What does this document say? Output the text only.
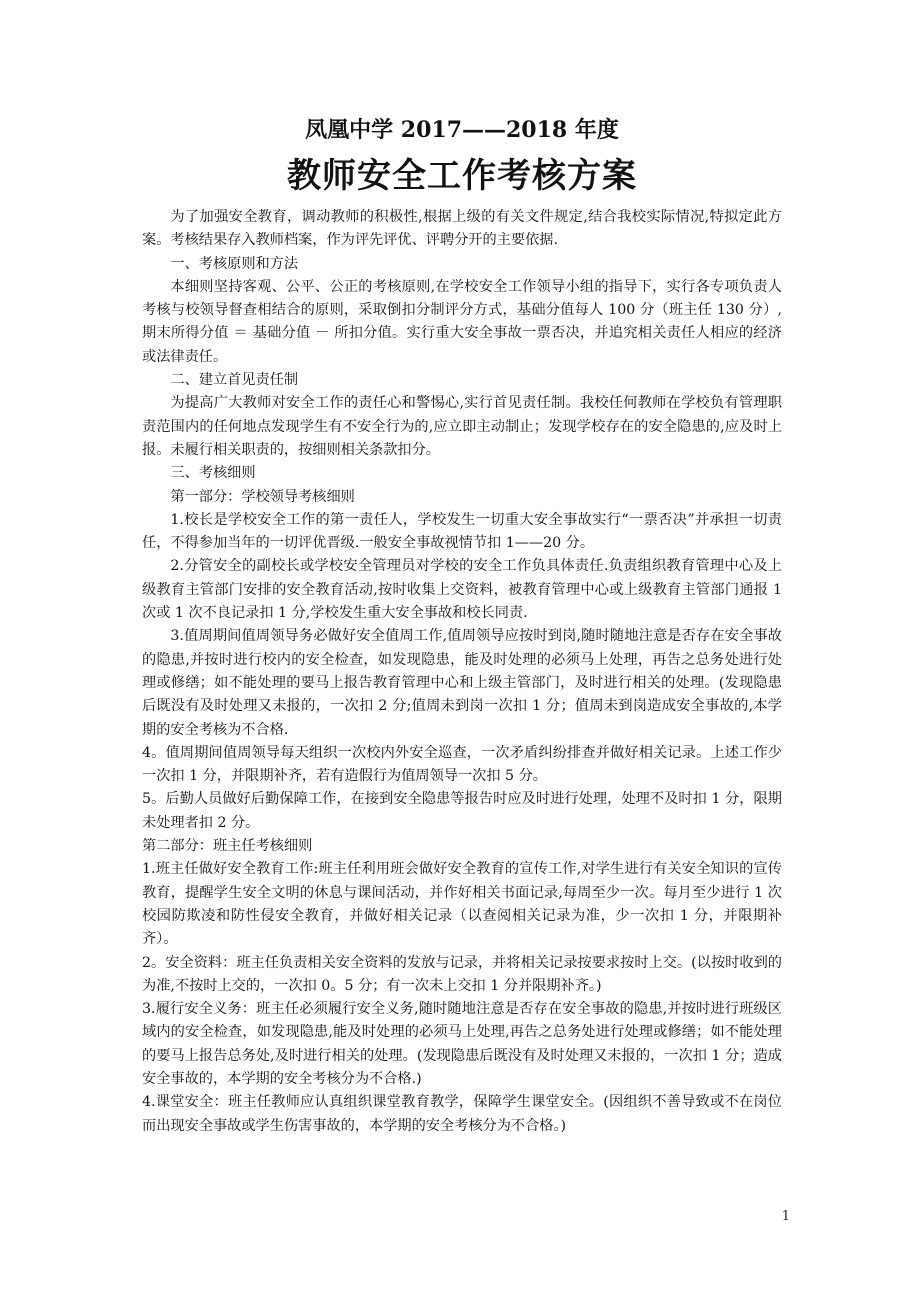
凤凰中学 2017——2018 年度
教师安全工作考核方案

为了加强安全教育，调动教师的积极性,根据上级的有关文件规定,结合我校实际情况,特拟定此方案。考核结果存入教师档案，作为评先评优、评聘分开的主要依据.

一、考核原则和方法

本细则坚持客观、公平、公正的考核原则,在学校安全工作领导小组的指导下，实行各专项负责人考核与校领导督查相结合的原则，采取倒扣分制评分方式，基础分值每人 100 分（班主任 130 分）,期末所得分值 ＝ 基础分值 － 所扣分值。实行重大安全事故一票否决，并追究相关责任人相应的经济或法律责任。

二、建立首见责任制

为提高广大教师对安全工作的责任心和警惕心,实行首见责任制。我校任何教师在学校负有管理职责范围内的任何地点发现学生有不安全行为的,应立即主动制止；发现学校存在的安全隐患的,应及时上报。未履行相关职责的，按细则相关条款扣分。

三、考核细则

第一部分：学校领导考核细则

1.校长是学校安全工作的第一责任人，学校发生一切重大安全事故实行“一票否决”并承担一切责任，不得参加当年的一切评优晋级.一般安全事故视情节扣 1——20 分。

2.分管安全的副校长或学校安全管理员对学校的安全工作负具体责任.负责组织教育管理中心及上级教育主管部门安排的安全教育活动,按时收集上交资料，被教育管理中心或上级教育主管部门通报 1 次或 1 次不良记录扣 1 分,学校发生重大安全事故和校长同责.

3.值周期间值周领导务必做好安全值周工作,值周领导应按时到岗,随时随地注意是否存在安全事故的隐患,并按时进行校内的安全检查，如发现隐患，能及时处理的必须马上处理，再告之总务处进行处理或修缮；如不能处理的要马上报告教育管理中心和上级主管部门，及时进行相关的处理。(发现隐患后既没有及时处理又未报的，一次扣 2 分;值周未到岗一次扣 1 分；值周未到岗造成安全事故的,本学期的安全考核为不合格.

4。值周期间值周领导每天组织一次校内外安全巡查，一次矛盾纠纷排查并做好相关记录。上述工作少一次扣 1 分，并限期补齐，若有造假行为值周领导一次扣 5 分。

5。后勤人员做好后勤保障工作，在接到安全隐患等报告时应及时进行处理，处理不及时扣 1 分，限期未处理者扣 2 分。

第二部分：班主任考核细则

1.班主任做好安全教育工作:班主任利用班会做好安全教育的宣传工作,对学生进行有关安全知识的宣传教育，提醒学生安全文明的休息与课间活动，并作好相关书面记录,每周至少一次。每月至少进行 1 次校园防欺凌和防性侵安全教育，并做好相关记录（以查阅相关记录为准，少一次扣 1 分，并限期补齐）。

2。安全资料：班主任负责相关安全资料的发放与记录，并将相关记录按要求按时上交。(以按时收到的为准,不按时上交的，一次扣 0。5 分；有一次未上交扣 1 分并限期补齐。)

3.履行安全义务：班主任必须履行安全义务,随时随地注意是否存在安全事故的隐患,并按时进行班级区域内的安全检查，如发现隐患,能及时处理的必须马上处理,再告之总务处进行处理或修缮；如不能处理的要马上报告总务处,及时进行相关的处理。(发现隐患后既没有及时处理又未报的，一次扣 1 分；造成安全事故的，本学期的安全考核分为不合格.)

4.课堂安全：班主任教师应认真组织课堂教育教学，保障学生课堂安全。(因组织不善导致或不在岗位而出现安全事故或学生伤害事故的，本学期的安全考核分为不合格。)

1
